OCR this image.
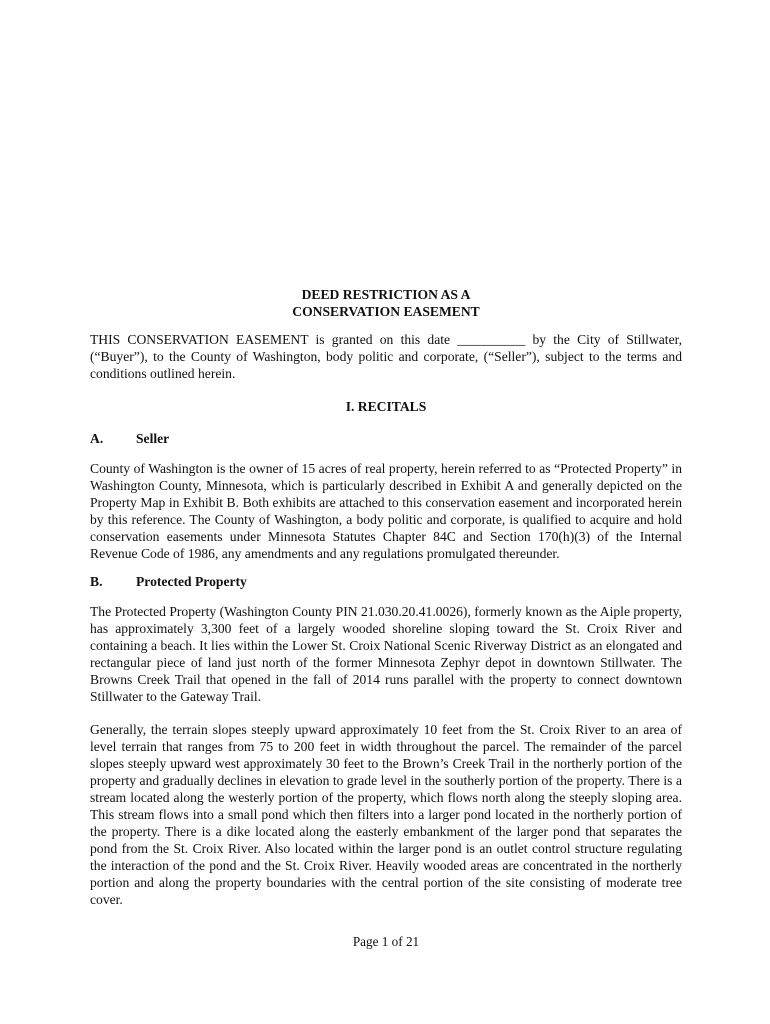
DEED RESTRICTION AS A
CONSERVATION EASEMENT

THIS CONSERVATION EASEMENT is granted on this date __________ by the City of Stillwater, (“Buyer”), to the County of Washington, body politic and corporate, (“Seller”), subject to the terms and conditions outlined herein.

I. RECITALS
A. Seller

County of Washington is the owner of 15 acres of real property, herein referred to as “Protected Property” in Washington County, Minnesota, which is particularly described in Exhibit A and generally depicted on the Property Map in Exhibit B. Both exhibits are attached to this conservation easement and incorporated herein by this reference. The County of Washington, a body politic and corporate, is qualified to acquire and hold conservation easements under Minnesota Statutes Chapter 84C and Section 170(h)(3) of the Internal Revenue Code of 1986, any amendments and any regulations promulgated thereunder.

B. Protected Property

The Protected Property (Washington County PIN 21.030.20.41.0026), formerly known as the Aiple property, has approximately 3,300 feet of a largely wooded shoreline sloping toward the St. Croix River and containing a beach. It lies within the Lower St. Croix National Scenic Riverway District as an elongated and rectangular piece of land just north of the former Minnesota Zephyr depot in downtown Stillwater. The Browns Creek Trail that opened in the fall of 2014 runs parallel with the property to connect downtown Stillwater to the Gateway Trail.

Generally, the terrain slopes steeply upward approximately 10 feet from the St. Croix River to an area of level terrain that ranges from 75 to 200 feet in width throughout the parcel. The remainder of the parcel slopes steeply upward west approximately 30 feet to the Brown’s Creek Trail in the northerly portion of the property and gradually declines in elevation to grade level in the southerly portion of the property. There is a stream located along the westerly portion of the property, which flows north along the steeply sloping area. This stream flows into a small pond which then filters into a larger pond located in the northerly portion of the property. There is a dike located along the easterly embankment of the larger pond that separates the pond from the St. Croix River. Also located within the larger pond is an outlet control structure regulating the interaction of the pond and the St. Croix River. Heavily wooded areas are concentrated in the northerly portion and along the property boundaries with the central portion of the site consisting of moderate tree cover.

Page 1 of 21
